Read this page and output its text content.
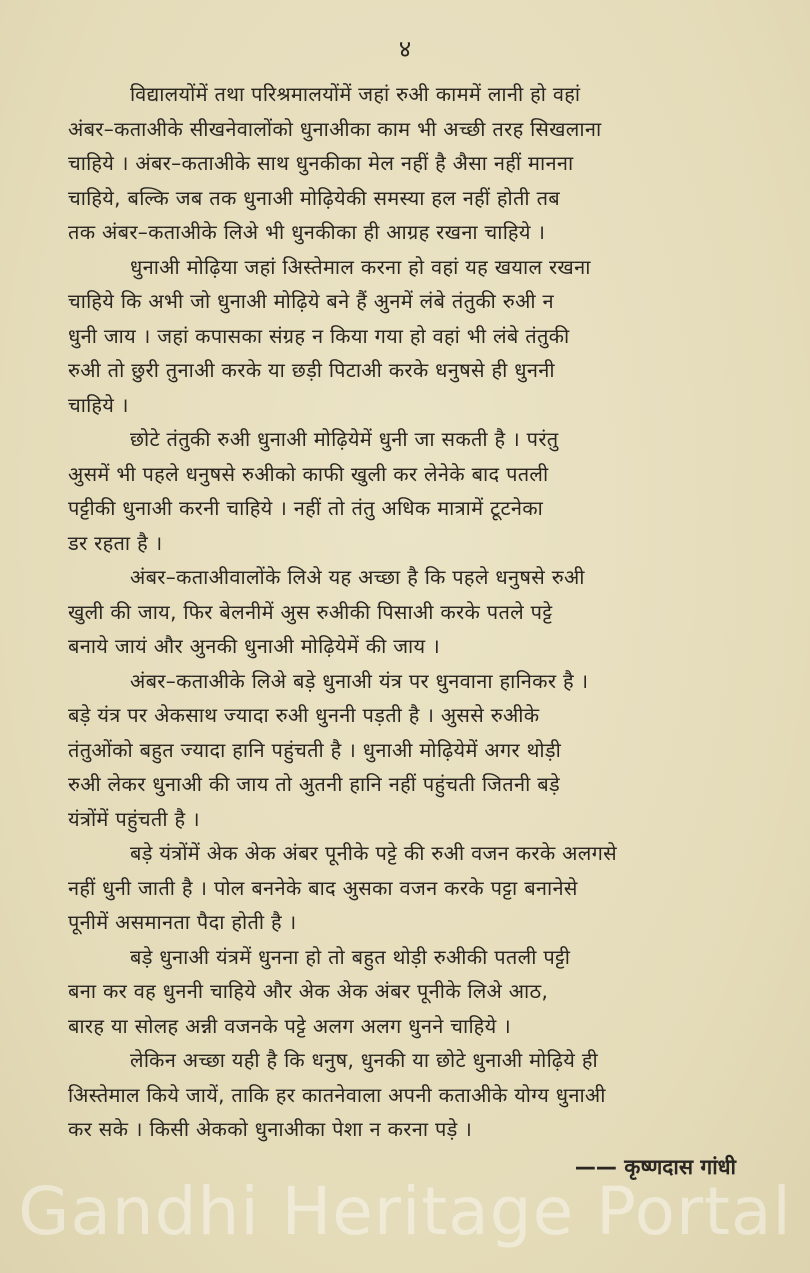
४
विद्यालयोंमें तथा परिश्रमालयोंमें जहां रुअी काममें लानी हो वहां
अंबर–कताअीके सीखनेवालोंको धुनाअीका काम भी अच्छी तरह सिखलाना
चाहिये । अंबर–कताअीके साथ धुनकीका मेल नहीं है अैसा नहीं मानना
चाहिये, बल्कि जब तक धुनाअी मोढ़ियेकी समस्या हल नहीं होती तब
तक अंबर–कताअीके लिअे भी धुनकीका ही आग्रह रखना चाहिये ।
धुनाअी मोढ़िया जहां अिस्तेमाल करना हो वहां यह खयाल रखना
चाहिये कि अभी जो धुनाअी मोढ़िये बने हैं अुनमें लंबे तंतुकी रुअी न
धुनी जाय । जहां कपासका संग्रह न किया गया हो वहां भी लंबे तंतुकी
रुअी तो छुरी तुनाअी करके या छड़ी पिटाअी करके धनुषसे ही धुननी
चाहिये ।
छोटे तंतुकी रुअी धुनाअी मोढ़ियेमें धुनी जा सकती है । परंतु
अुसमें भी पहले धनुषसे रुअीको काफी खुली कर लेनेके बाद पतली
पट्टीकी धुनाअी करनी चाहिये । नहीं तो तंतु अधिक मात्रामें टूटनेका
डर रहता है ।
अंबर–कताअीवालोंके लिअे यह अच्छा है कि पहले धनुषसे रुअी
खुली की जाय, फिर बेलनीमें अुस रुअीकी पिसाअी करके पतले पट्टे
बनाये जायं और अुनकी धुनाअी मोढ़ियेमें की जाय ।
अंबर–कताअीके लिअे बड़े धुनाअी यंत्र पर धुनवाना हानिकर है ।
बड़े यंत्र पर अेकसाथ ज्यादा रुअी धुननी पड़ती है । अुससे रुअीके
तंतुओंको बहुत ज्यादा हानि पहुंचती है । धुनाअी मोढ़ियेमें अगर थोड़ी
रुअी लेकर धुनाअी की जाय तो अुतनी हानि नहीं पहुंचती जितनी बड़े
यंत्रोंमें पहुंचती है ।
बड़े यंत्रोंमें अेक अेक अंबर पूनीके पट्टे की रुअी वजन करके अलगसे
नहीं धुनी जाती है । पोल बननेके बाद अुसका वजन करके पट्टा बनानेसे
पूनीमें असमानता पैदा होती है ।
बड़े धुनाअी यंत्रमें धुनना हो तो बहुत थोड़ी रुअीकी पतली पट्टी
बना कर वह धुननी चाहिये और अेक अेक अंबर पूनीके लिअे आठ,
बारह या सोलह अन्नी वजनके पट्टे अलग अलग धुनने चाहिये ।
लेकिन अच्छा यही है कि धनुष, धुनकी या छोटे धुनाअी मोढ़िये ही
अिस्तेमाल किये जायें, ताकि हर कातनेवाला अपनी कताअीके योग्य धुनाअी
कर सके । किसी अेकको धुनाअीका पेशा न करना पड़े ।
—— कृष्णदास गांधी
Gandhi Heritage Portal
